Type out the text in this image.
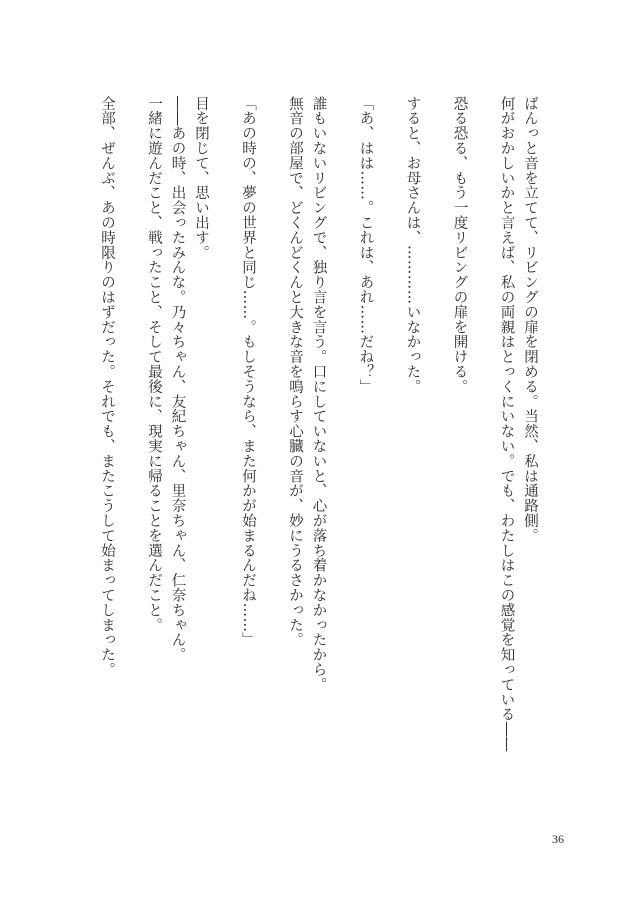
ばんっと音を立てて、リビングの扉を閉める。当然、私は通路側。
何がおかしいかと言えば、私の両親はとっくにいない。でも、わたしはこの感覚を知っている――

恐る恐る、もう一度リビングの扉を開ける。

すると、お母さんは、…………いなかった。

「あ、はは……。これは、あれ……だね？」

誰もいないリビングで、独り言を言う。口にしていないと、心が落ち着かなかったから。
無音の部屋で、どくんどくんと大きな音を鳴らす心臓の音が、妙にうるさかった。

「あの時の、夢の世界と同じ……。もしそうなら、また何かが始まるんだね……」

目を閉じて、思い出す。
――あの時、出会ったみんな。乃々ちゃん、友紀ちゃん、里奈ちゃん、仁奈ちゃん。
一緒に遊んだこと、戦ったこと、そして最後に、現実に帰ることを選んだこと。

全部、ぜんぶ、あの時限りのはずだった。それでも、またこうして始まってしまった。
36
